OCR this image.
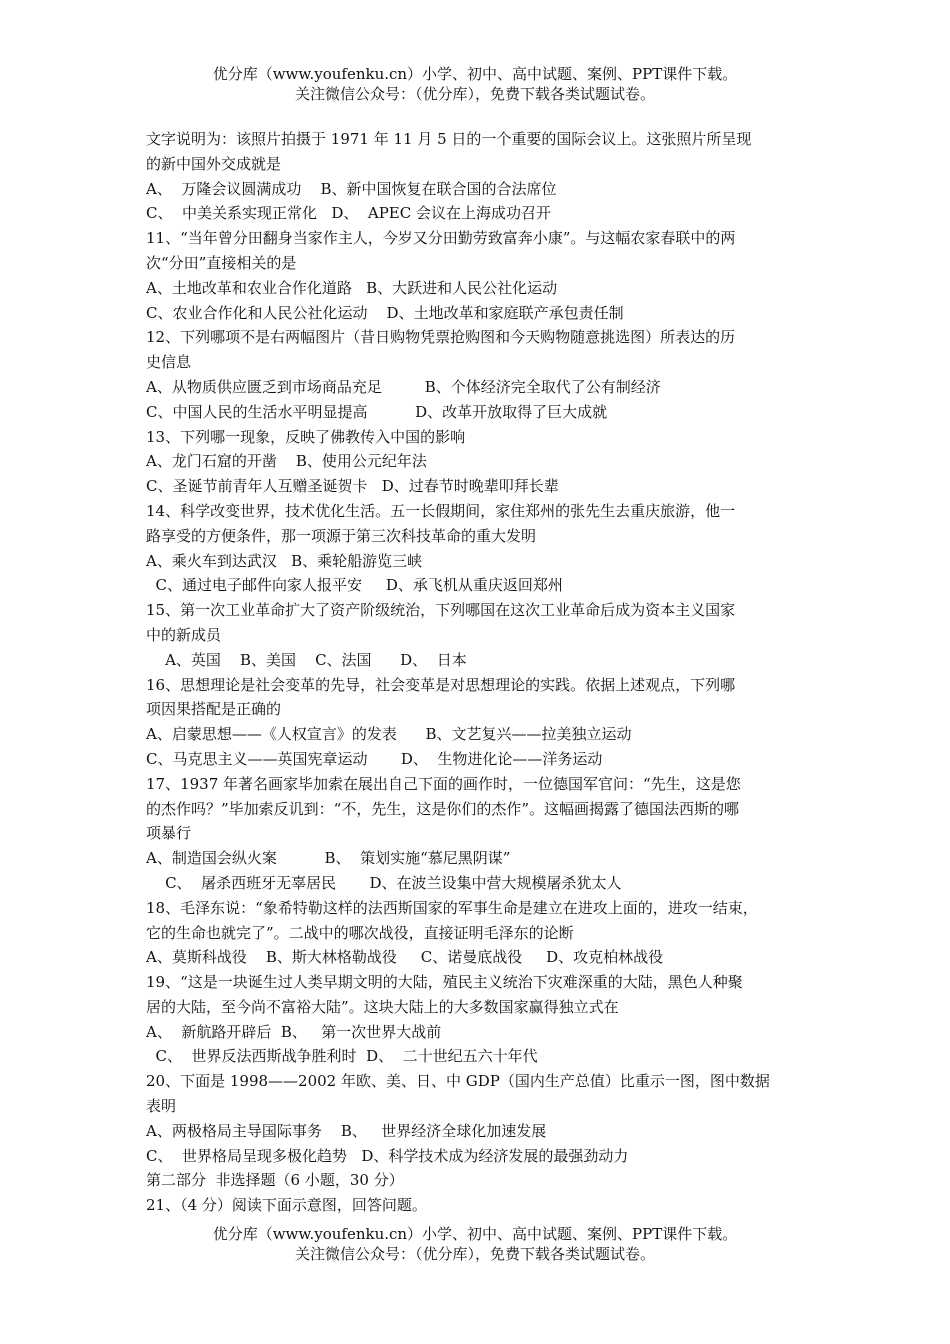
优分库（www.youfenku.cn）小学、初中、高中试题、案例、PPT课件下载。
关注微信公众号：（优分库），免费下载各类试题试卷。
文字说明为：该照片拍摄于 1971 年 11 月 5 日的一个重要的国际会议上。这张照片所呈现
的新中国外交成就是
A、  万隆会议圆满成功    B、新中国恢复在联合国的合法席位
C、  中美关系实现正常化   D、  APEC 会议在上海成功召开
11、“当年曾分田翻身当家作主人，今岁又分田勤劳致富奔小康”。与这幅农家春联中的两
次“分田”直接相关的是
A、土地改革和农业合作化道路   B、大跃进和人民公社化运动
C、农业合作化和人民公社化运动    D、土地改革和家庭联产承包责任制
12、下列哪项不是右两幅图片（昔日购物凭票抢购图和今天购物随意挑选图）所表达的历
史信息
A、从物质供应匮乏到市场商品充足         B、个体经济完全取代了公有制经济
C、中国人民的生活水平明显提高          D、改革开放取得了巨大成就
13、下列哪一现象，反映了佛教传入中国的影响
A、龙门石窟的开凿    B、使用公元纪年法
C、圣诞节前青年人互赠圣诞贺卡   D、过春节时晚辈叩拜长辈
14、科学改变世界，技术优化生活。五一长假期间，家住郑州的张先生去重庆旅游，他一
路享受的方便条件，那一项源于第三次科技革命的重大发明
A、乘火车到达武汉   B、乘轮船游览三峡
C、通过电子邮件向家人报平安     D、承飞机从重庆返回郑州
15、第一次工业革命扩大了资产阶级统治，下列哪国在这次工业革命后成为资本主义国家
中的新成员
A、英国    B、美国    C、法国      D、  日本
16、思想理论是社会变革的先导，社会变革是对思想理论的实践。依据上述观点，下列哪
项因果搭配是正确的
A、启蒙思想——《人权宣言》的发表      B、文艺复兴——拉美独立运动
C、马克思主义——英国宪章运动       D、  生物进化论——洋务运动
17、1937 年著名画家毕加索在展出自己下面的画作时，一位德国军官问：“先生，这是您
的杰作吗？”毕加索反讥到：“不，先生，这是你们的杰作”。这幅画揭露了德国法西斯的哪
项暴行
A、制造国会纵火案          B、  策划实施“慕尼黑阴谋”
C、  屠杀西班牙无辜居民       D、在波兰设集中营大规模屠杀犹太人
18、毛泽东说：“象希特勒这样的法西斯国家的军事生命是建立在进攻上面的，进攻一结束，
它的生命也就完了”。二战中的哪次战役，直接证明毛泽东的论断
A、莫斯科战役    B、斯大林格勒战役     C、诺曼底战役     D、攻克柏林战役
19、“这是一块诞生过人类早期文明的大陆，殖民主义统治下灾难深重的大陆，黑色人种聚
居的大陆，至今尚不富裕大陆”。这块大陆上的大多数国家赢得独立式在
A、  新航路开辟后  B、   第一次世界大战前
C、  世界反法西斯战争胜利时  D、  二十世纪五六十年代
20、下面是 1998——2002 年欧、美、日、中 GDP（国内生产总值）比重示一图，图中数据
表明
A、两极格局主导国际事务    B、   世界经济全球化加速发展
C、  世界格局呈现多极化趋势   D、科学技术成为经济发展的最强劲动力
第二部分  非选择题（6 小题，30 分）
21、（4 分）阅读下面示意图，回答问题。
优分库（www.youfenku.cn）小学、初中、高中试题、案例、PPT课件下载。
关注微信公众号：（优分库），免费下载各类试题试卷。
